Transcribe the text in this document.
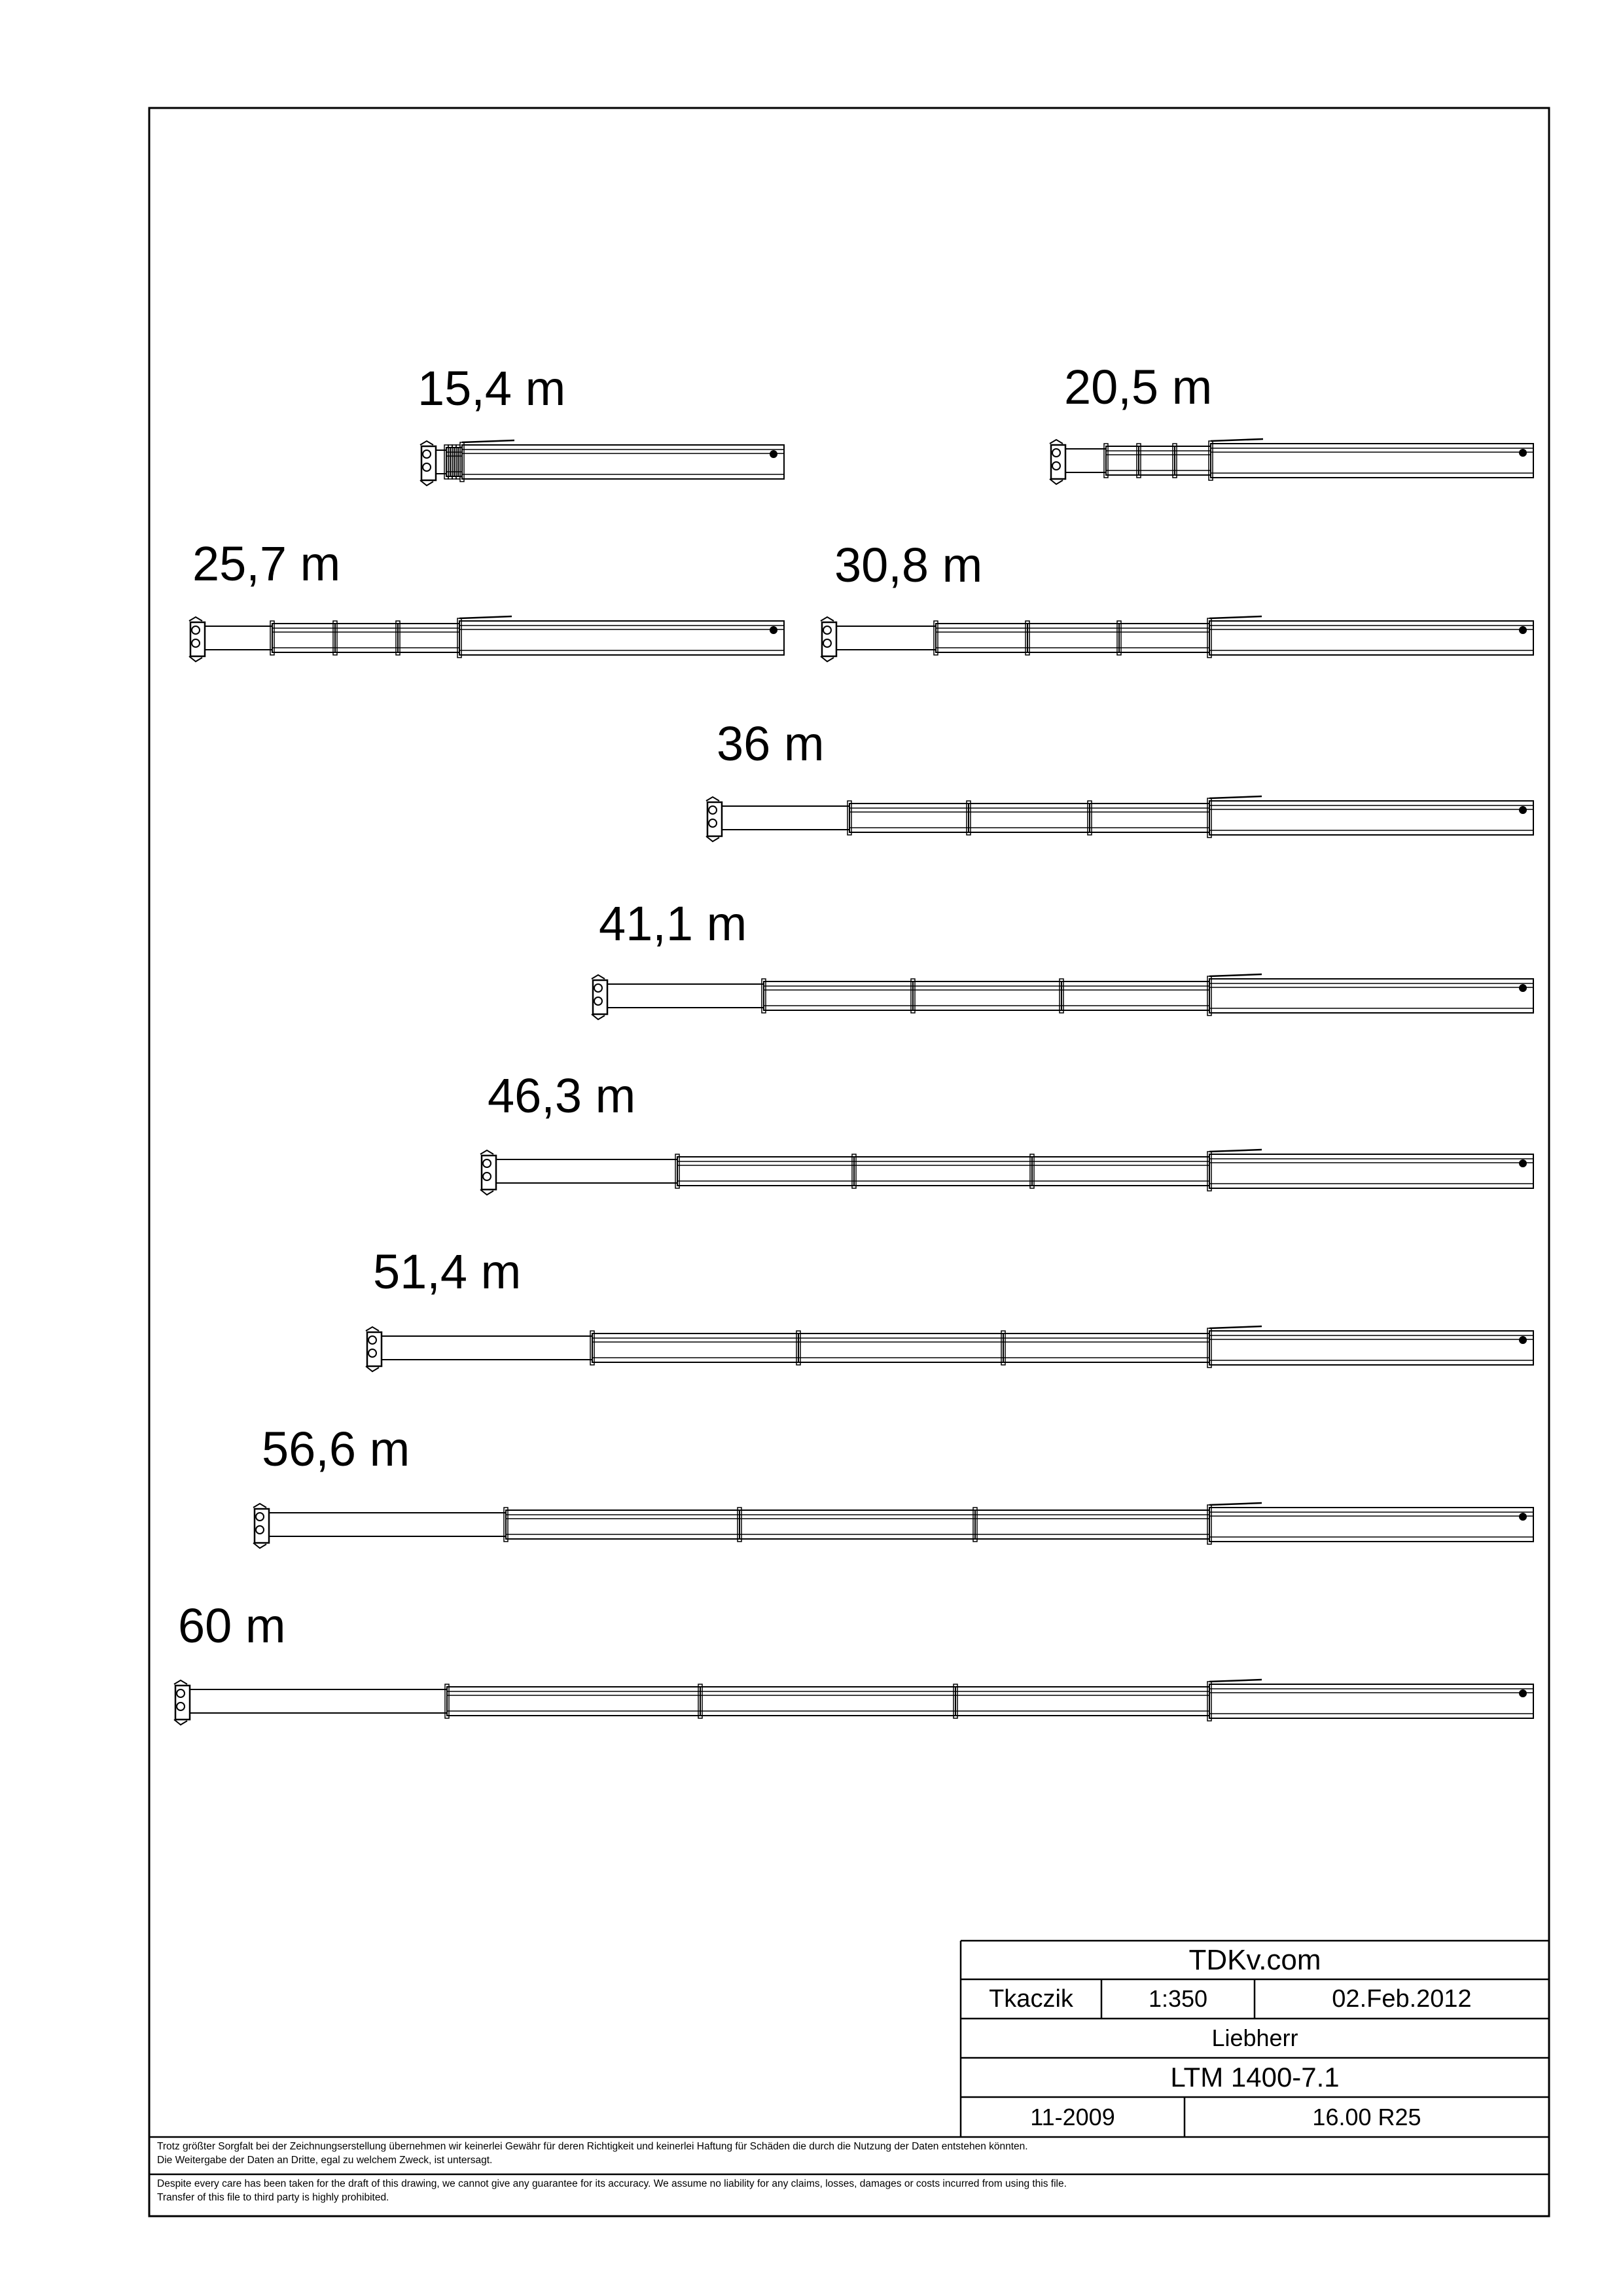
15,4 m	20,5 m
25,7 m	30,8 m
36 m
41,1 m
46,3 m
51,4 m
56,6 m
60 m
TDKv.com
Tkaczik	1:350	02.Feb.2012
Liebherr
LTM 1400-7.1
11-2009	16.00 R25
Trotz größter Sorgfalt bei der Zeichnungserstellung übernehmen wir keinerlei Gewähr für deren Richtigkeit und keinerlei Haftung für Schäden die durch die Nutzung der Daten entstehen könnten.
Die Weitergabe der Daten an Dritte, egal zu welchem Zweck, ist untersagt.
Despite every care has been taken for the draft of this drawing, we cannot give any guarantee for its accuracy. We assume no liability for any claims, losses, damages or costs incurred from using this file.
Transfer of this file to third party is highly prohibited.
